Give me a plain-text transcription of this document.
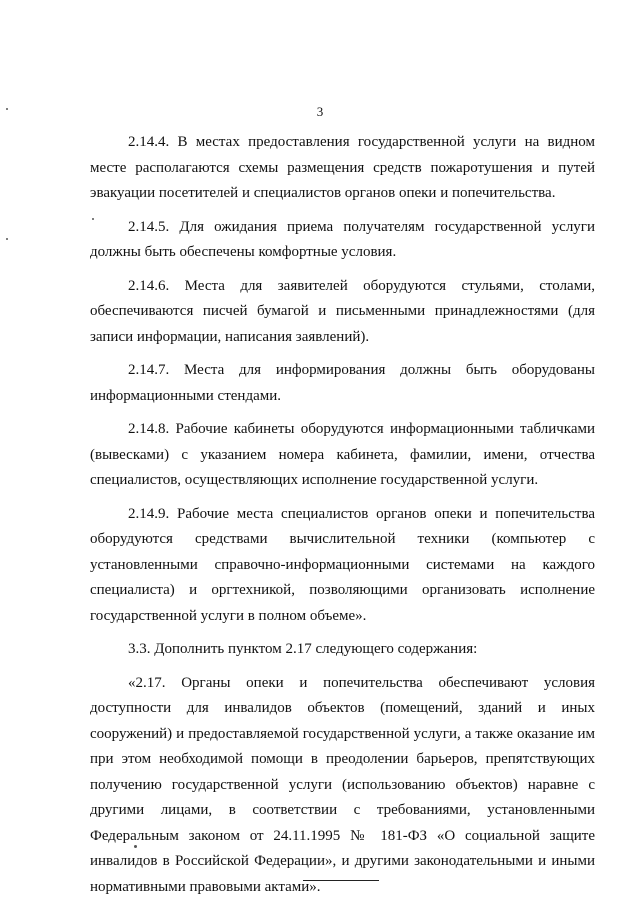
3

2.14.4. В местах предоставления государственной услуги на видном месте располагаются схемы размещения средств пожаротушения и путей эвакуации посетителей и специалистов органов опеки и попечительства.

2.14.5. Для ожидания приема получателям государственной услуги должны быть обеспечены комфортные условия.

2.14.6. Места для заявителей оборудуются стульями, столами, обеспечиваются писчей бумагой и письменными принадлежностями (для записи информации, написания заявлений).

2.14.7. Места для информирования должны быть оборудованы информационными стендами.

2.14.8. Рабочие кабинеты оборудуются информационными табличками (вывесками) с указанием номера кабинета, фамилии, имени, отчества специалистов, осуществляющих исполнение государственной услуги.

2.14.9. Рабочие места специалистов органов опеки и попечительства оборудуются средствами вычислительной техники (компьютер с установленными справочно-информационными системами на каждого специалиста) и оргтехникой, позволяющими организовать исполнение государственной услуги в полном объеме».

3.3. Дополнить пунктом 2.17 следующего содержания:

«2.17. Органы опеки и попечительства обеспечивают условия доступности для инвалидов объектов (помещений, зданий и иных сооружений) и предоставляемой государственной услуги, а также оказание им при этом необходимой помощи в преодолении барьеров, препятствующих получению государственной услуги (использованию объектов) наравне с другими лицами, в соответствии с требованиями, установленными Федеральным законом от 24.11.1995 № 181-ФЗ «О социальной защите инвалидов в Российской Федерации», и другими законодательными и иными нормативными правовыми актами».
